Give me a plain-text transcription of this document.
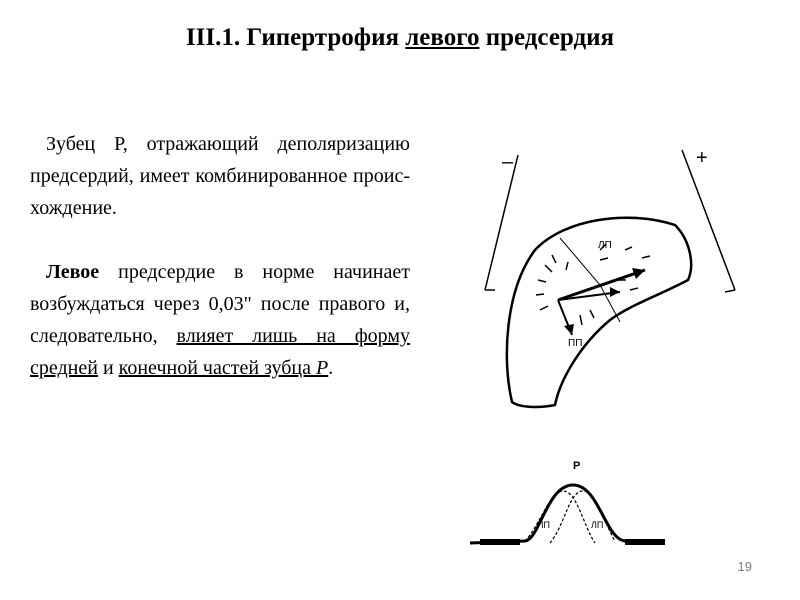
III.1. Гипертрофия левого предсердия

Зубец Р, отражающий деполяризацию предсердий, имеет комбинированное проис-хождение.

Левое предсердие в норме начинает возбуждаться через 0,03" после правого и, следовательно, влияет лишь на форму средней и конечной частей зубца Р.

–	+
ЛП
ПП
Р
ПП	ЛП
19
